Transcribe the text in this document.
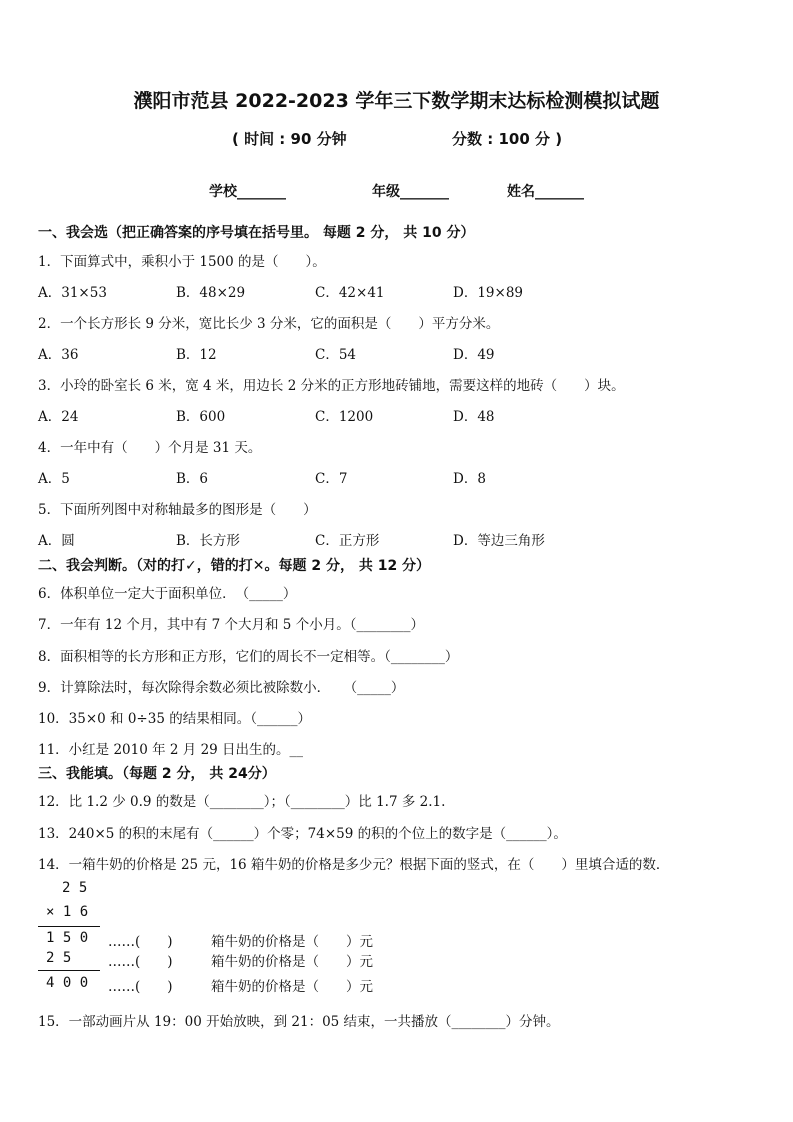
濮阳市范县 2022-2023 学年三下数学期末达标检测模拟试题
( 时间 : 90 分钟	分数 : 100 分 )
学校_______	年级_______	姓名_______
一、我会选（把正确答案的序号填在括号里。 每题 2 分， 共 10 分）
1．下面算式中，乘积小于 1500 的是（　　）。
A．31×53	B．48×29	C．42×41	D．19×89
2．一个长方形长 9 分米，宽比长少 3 分米，它的面积是（　　）平方分米。
A．36	B．12	C．54	D．49
3．小玲的卧室长 6 米，宽 4 米，用边长 2 分米的正方形地砖铺地，需要这样的地砖（　　）块。
A．24	B．600	C．1200	D．48
4．一年中有（　　）个月是 31 天。
A．5	B．6	C．7	D．8
5．下面所列图中对称轴最多的图形是（　　）
A．圆	B．长方形	C．正方形	D．等边三角形
二、我会判断。（对的打✓，错的打✕。每题 2 分， 共 12 分）
6．体积单位一定大于面积单位．　（_____）
7．一年有 12 个月，其中有 7 个大月和 5 个小月。（________）
8．面积相等的长方形和正方形，它们的周长不一定相等。（________）
9．计算除法时，每次除得余数必须比被除数小．　　（_____）
10．35×0 和 0÷35 的结果相同。（______）
11．小红是 2010 年 2 月 29 日出生的。__
三、我能填。（每题 2 分， 共 24分）
12．比 1.2 少 0.9 的数是（________）；（________）比 1.7 多 2.1.
13．240×5 的积的末尾有（______）个零；74×59 的积的个位上的数字是（______）。
14．一箱牛奶的价格是 25 元，16 箱牛奶的价格是多少元？根据下面的竖式，在（　　）里填合适的数．
2 5
× 1 6
1 5 0 ……(　　)	箱牛奶的价格是（　　）元
2 5	……(　　)	箱牛奶的价格是（　　）元
4 0 0 ……(　　)	箱牛奶的价格是（　　）元
15．一部动画片从 19：00 开始放映，到 21：05 结束，一共播放（________）分钟。
